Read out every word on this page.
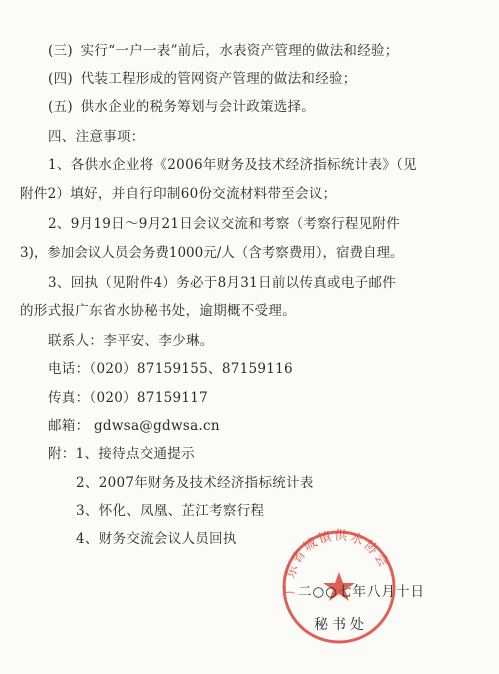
(三) 实行“一户一表”前后，水表资产管理的做法和经验；
(四) 代装工程形成的管网资产管理的做法和经验；
(五) 供水企业的税务筹划与会计政策选择。
四、注意事项：
1、各供水企业将《2006年财务及技术经济指标统计表》（见
附件2）填好，并自行印制60份交流材料带至会议；
2、9月19日～9月21日会议交流和考察（考察行程见附件
3)，参加会议人员会务费1000元/人（含考察费用），宿费自理。
3、回执（见附件4）务必于8月31日前以传真或电子邮件
的形式报广东省水协秘书处，逾期概不受理。
联系人：李平安、李少琳。
电话：（020）87159155、87159116
传真：（020）87159117
邮箱： gdwsa@gdwsa.cn
附：1、接待点交通提示
2、2007年财务及技术经济指标统计表
3、怀化、凤凰、芷江考察行程
4、财务交流会议人员回执
广东省城镇供水协会
二○○七年八月十日
秘书处
